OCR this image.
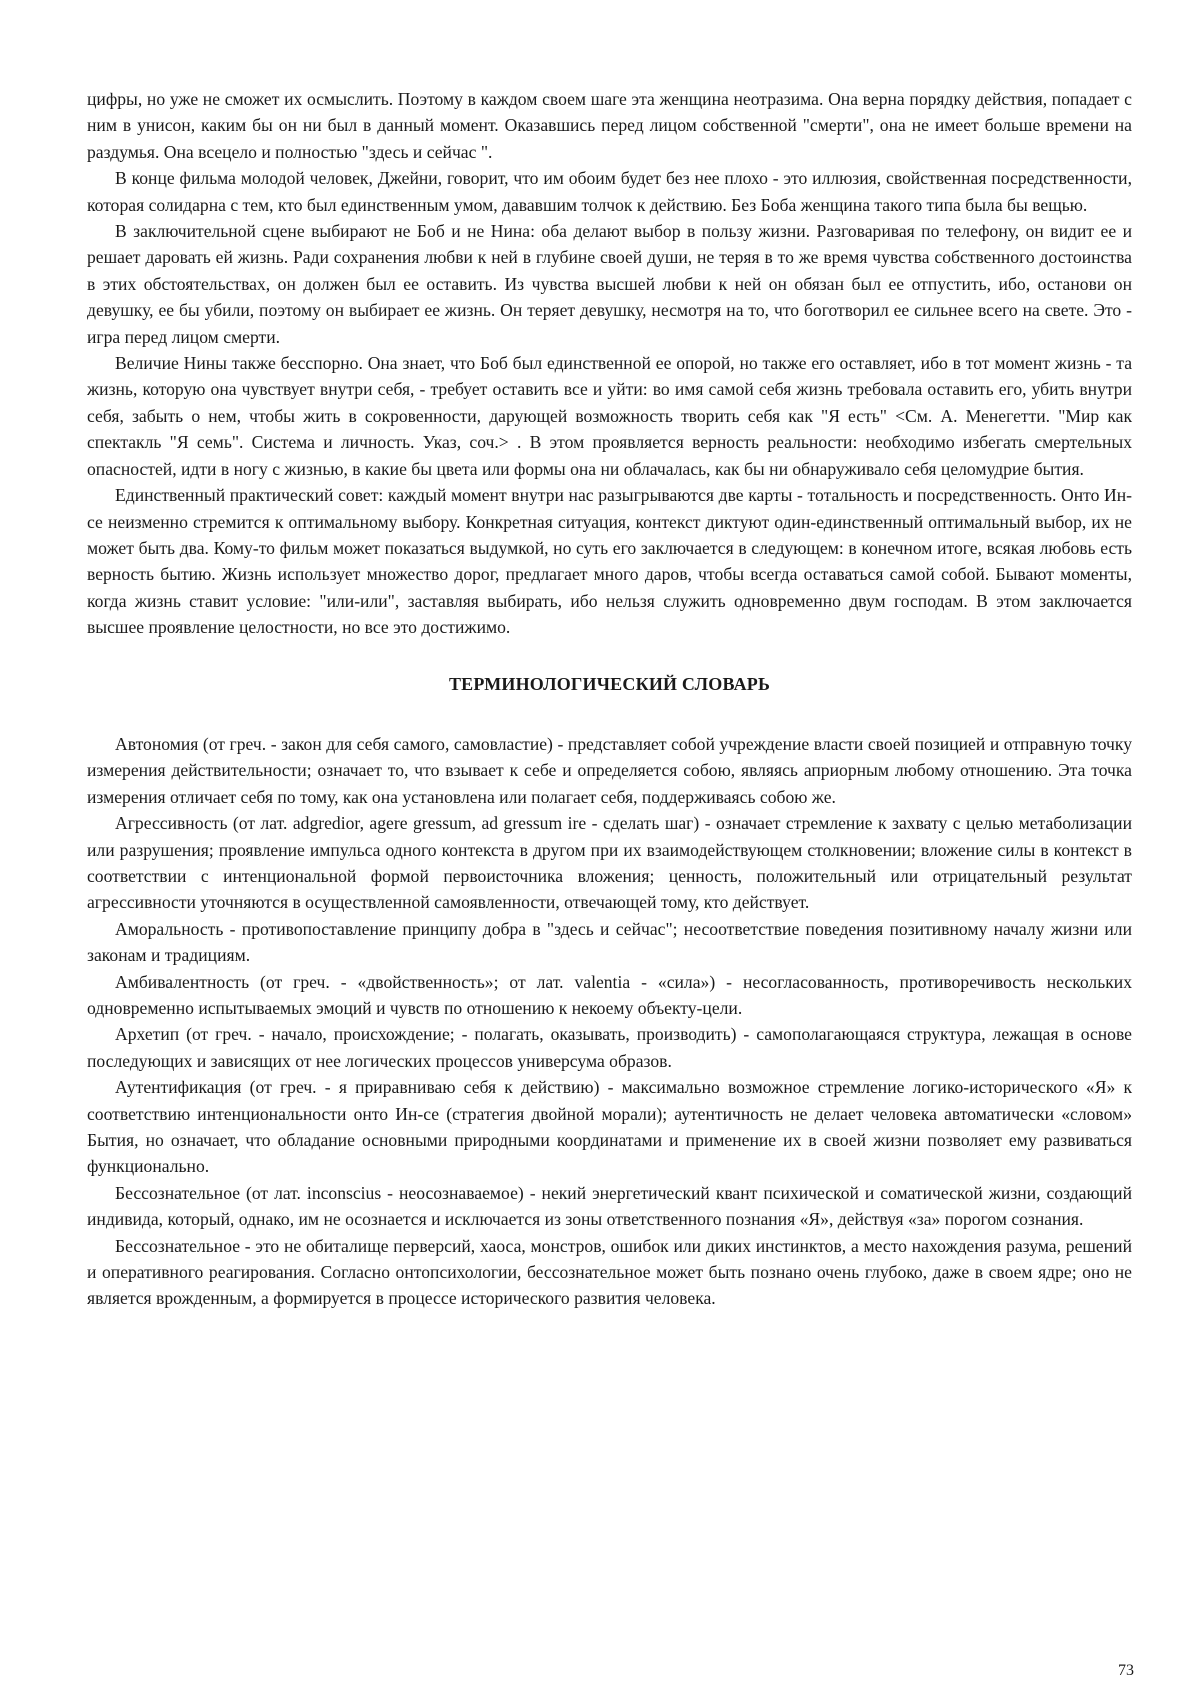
цифры, но уже не сможет их осмыслить. Поэтому в каждом своем шаге эта женщина неотразима. Она верна порядку действия, попадает с ним в унисон, каким бы он ни был в данный момент. Оказавшись перед лицом собственной "смерти", она не имеет больше времени на раздумья. Она всецело и полностью "здесь и сейчас ".

В конце фильма молодой человек, Джейни, говорит, что им обоим будет без нее плохо - это иллюзия, свойственная посредственности, которая солидарна с тем, кто был единственным умом, дававшим толчок к действию. Без Боба женщина такого типа была бы вещью.

В заключительной сцене выбирают не Боб и не Нина: оба делают выбор в пользу жизни. Разговаривая по телефону, он видит ее и решает даровать ей жизнь. Ради сохранения любви к ней в глубине своей души, не теряя в то же время чувства собственного достоинства в этих обстоятельствах, он должен был ее оставить. Из чувства высшей любви к ней он обязан был ее отпустить, ибо, останови он девушку, ее бы убили, поэтому он выбирает ее жизнь. Он теряет девушку, несмотря на то, что боготворил ее сильнее всего на свете. Это - игра перед лицом смерти.

Величие Нины также бесспорно. Она знает, что Боб был единственной ее опорой, но также его оставляет, ибо в тот момент жизнь - та жизнь, которую она чувствует внутри себя, - требует оставить все и уйти: во имя самой себя жизнь требовала оставить его, убить внутри себя, забыть о нем, чтобы жить в сокровенности, дарующей возможность творить себя как "Я есть" <См. А. Менегетти. "Мир как спектакль "Я семь". Система и личность. Указ, соч.> . В этом проявляется верность реальности: необходимо избегать смертельных опасностей, идти в ногу с жизнью, в какие бы цвета или формы она ни облачалась, как бы ни обнаруживало себя целомудрие бытия.

Единственный практический совет: каждый момент внутри нас разыгрываются две карты - тотальность и посредственность. Онто Ин-се неизменно стремится к оптимальному выбору. Конкретная ситуация, контекст диктуют один-единственный оптимальный выбор, их не может быть два. Кому-то фильм может показаться выдумкой, но суть его заключается в следующем: в конечном итоге, всякая любовь есть верность бытию. Жизнь использует множество дорог, предлагает много даров, чтобы всегда оставаться самой собой. Бывают моменты, когда жизнь ставит условие: "или-или", заставляя выбирать, ибо нельзя служить одновременно двум господам. В этом заключается высшее проявление целостности, но все это достижимо.

ТЕРМИНОЛОГИЧЕСКИЙ СЛОВАРЬ

Автономия (от греч. - закон для себя самого, самовластие) - представляет собой учреждение власти своей позицией и отправную точку измерения действительности; означает то, что взывает к себе и определяется собою, являясь априорным любому отношению. Эта точка измерения отличает себя по тому, как она установлена или полагает себя, поддерживаясь собою же.

Агрессивность (от лат. adgredior, agere gressum, ad gressum ire - сделать шаг) - означает стремление к захвату с целью метаболизации или разрушения; проявление импульса одного контекста в другом при их взаимодействующем столкновении; вложение силы в контекст в соответствии с интенциональной формой первоисточника вложения; ценность, положительный или отрицательный результат агрессивности уточняются в осуществленной самоявленности, отвечающей тому, кто действует.

Аморальность - противопоставление принципу добра в "здесь и сейчас"; несоответствие поведения позитивному началу жизни или законам и традициям.

Амбивалентность (от греч. - «двойственность»; от лат. valentia - «сила») - несогласованность, противоречивость нескольких одновременно испытываемых эмоций и чувств по отношению к некоему объекту-цели.

Архетип (от греч. - начало, происхождение; - полагать, оказывать, производить) - самополагающаяся структура, лежащая в основе последующих и зависящих от нее логических процессов универсума образов.

Аутентификация (от греч. - я приравниваю себя к действию) - максимально возможное стремление логико-исторического «Я» к соответствию интенциональности онто Ин-се (стратегия двойной морали); аутентичность не делает человека автоматически «словом» Бытия, но означает, что обладание основными природными координатами и применение их в своей жизни позволяет ему развиваться функционально.

Бессознательное (от лат. inconscius - неосознаваемое) - некий энергетический квант психической и соматической жизни, создающий индивида, который, однако, им не осознается и исключается из зоны ответственного познания «Я», действуя «за» порогом сознания.

Бессознательное - это не обиталище перверсий, хаоса, монстров, ошибок или диких инстинктов, а место нахождения разума, решений и оперативного реагирования. Согласно онтопсихологии, бессознательное может быть познано очень глубоко, даже в своем ядре; оно не является врожденным, а формируется в процессе исторического развития человека.

73
